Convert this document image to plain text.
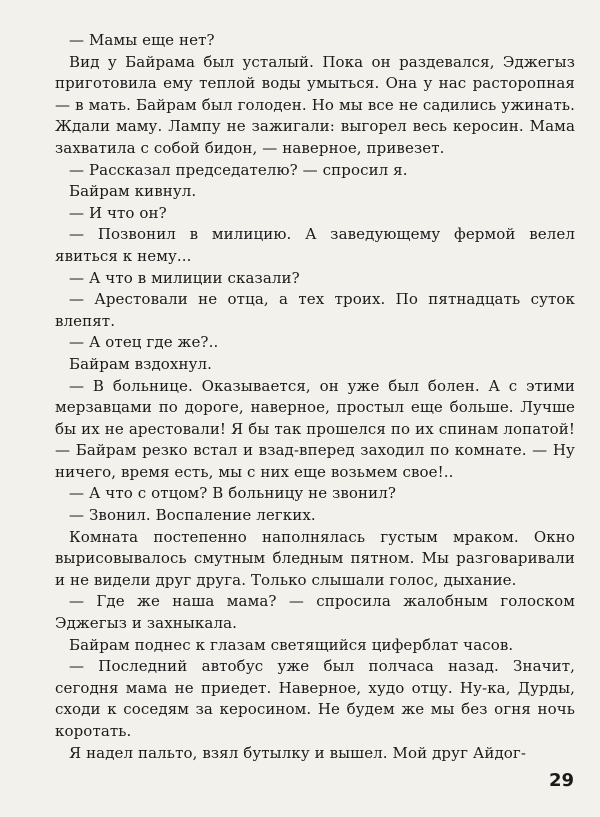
— Мамы еще нет?

Вид у Байрама был усталый. Пока он раздевался, Эджегыз приготовила ему теплой воды умыться. Она у нас расторопная — в мать. Байрам был голоден. Но мы все не садились ужинать. Ждали маму. Лампу не зажигали: выгорел весь керосин. Мама захватила с собой бидон, — наверное, привезет.

— Рассказал председателю? — спросил я.

Байрам кивнул.

— И что он?

— Позвонил в милицию. А заведующему фермой велел явиться к нему...

— А что в милиции сказали?

— Арестовали не отца, а тех троих. По пятнадцать суток влепят.

— А отец где же?..

Байрам вздохнул.

— В больнице. Оказывается, он уже был болен. А с этими мерзавцами по дороге, наверное, простыл еще больше. Лучше бы их не арестовали! Я бы так прошелся по их спинам лопатой! — Байрам резко встал и взад-вперед заходил по комнате. — Ну ничего, время есть, мы с них еще возьмем свое!..

— А что с отцом? В больницу не звонил?

— Звонил. Воспаление легких.

Комната постепенно наполнялась густым мраком. Окно вырисовывалось смутным бледным пятном. Мы разговаривали и не видели друг друга. Только слышали голос, дыхание.

— Где же наша мама? — спросила жалобным голоском Эджегыз и захныкала.

Байрам поднес к глазам светящийся циферблат часов.

— Последний автобус уже был полчаса назад. Значит, сегодня мама не приедет. Наверное, худо отцу. Ну-ка, Дурды, сходи к соседям за керосином. Не будем же мы без огня ночь коротать.

Я надел пальто, взял бутылку и вышел. Мой друг Айдог-

29
